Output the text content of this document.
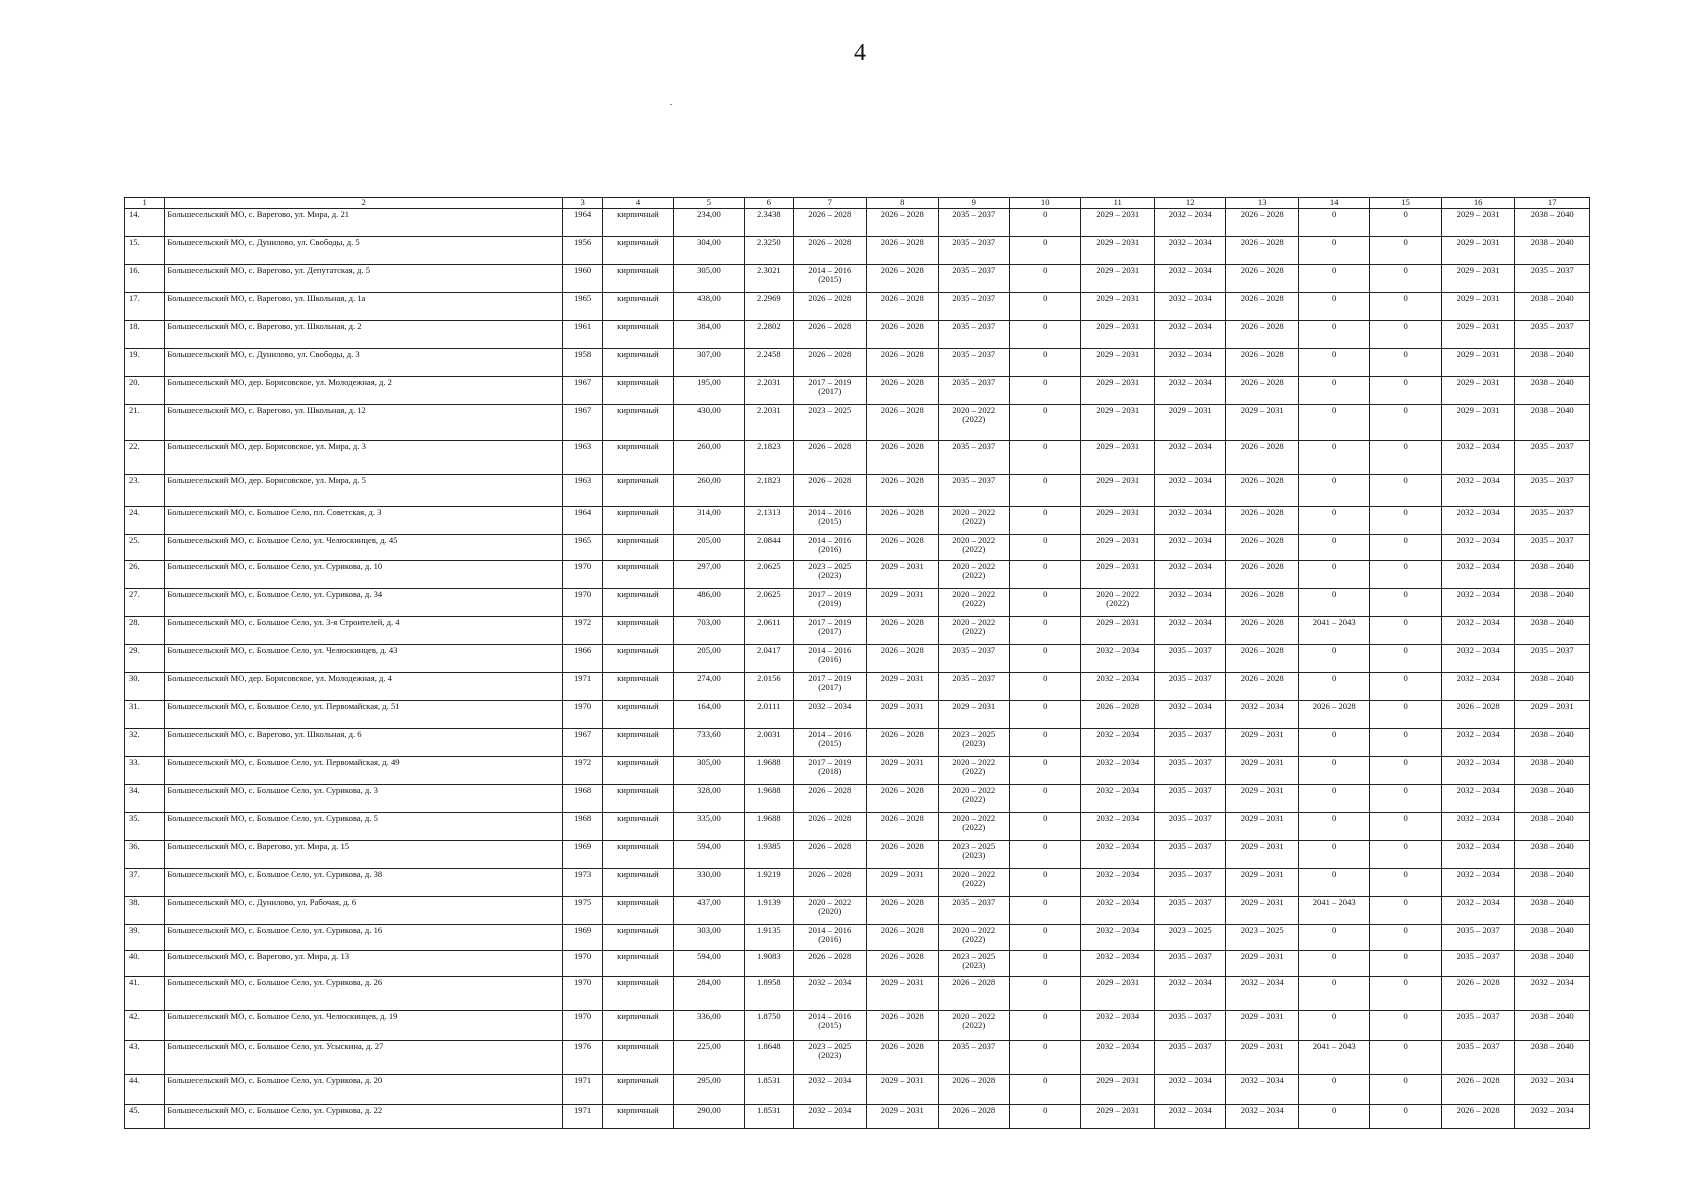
4
1	2	3	4	5	6	7	8	9	10	11	12	13	14	15	16	17
14.	Большесельский МО, с. Варегово, ул. Мира, д. 21	1964	кирпичный	234,00	2.3438	2026 – 2028	2026 – 2028	2035 – 2037	0	2029 – 2031	2032 – 2034	2026 – 2028	0	0	2029 – 2031	2038 – 2040
15.	Большесельский МО, с. Дунилово, ул. Свободы, д. 5	1956	кирпичный	304,00	2.3250	2026 – 2028	2026 – 2028	2035 – 2037	0	2029 – 2031	2032 – 2034	2026 – 2028	0	0	2029 – 2031	2038 – 2040
16.	Большесельский МО, с. Варегово, ул. Депутатская, д. 5	1960	кирпичный	305,00	2.3021	2014 – 2016
(2015)	2026 – 2028	2035 – 2037	0	2029 – 2031	2032 – 2034	2026 – 2028	0	0	2029 – 2031	2035 – 2037
17.	Большесельский МО, с. Варегово, ул. Школьная, д. 1а	1965	кирпичный	438,00	2.2969	2026 – 2028	2026 – 2028	2035 – 2037	0	2029 – 2031	2032 – 2034	2026 – 2028	0	0	2029 – 2031	2038 – 2040
18.	Большесельский МО, с. Варегово, ул. Школьная, д. 2	1961	кирпичный	384,00	2.2802	2026 – 2028	2026 – 2028	2035 – 2037	0	2029 – 2031	2032 – 2034	2026 – 2028	0	0	2029 – 2031	2035 – 2037
19.	Большесельский МО, с. Дунилово, ул. Свободы, д. 3	1958	кирпичный	307,00	2.2458	2026 – 2028	2026 – 2028	2035 – 2037	0	2029 – 2031	2032 – 2034	2026 – 2028	0	0	2029 – 2031	2038 – 2040
20.	Большесельский МО, дер. Борисовское, ул. Молодежная, д. 2	1967	кирпичный	195,00	2.2031	2017 – 2019
(2017)	2026 – 2028	2035 – 2037	0	2029 – 2031	2032 – 2034	2026 – 2028	0	0	2029 – 2031	2038 – 2040
21.	Большесельский МО, с. Варегово, ул. Школьная, д. 12	1967	кирпичный	430,00	2.2031	2023 – 2025	2026 – 2028	2020 – 2022
(2022)	0	2029 – 2031	2029 – 2031	2029 – 2031	0	0	2029 – 2031	2038 – 2040
22.	Большесельский МО, дер. Борисовское, ул. Мира, д. 3	1963	кирпичный	260,00	2.1823	2026 – 2028	2026 – 2028	2035 – 2037	0	2029 – 2031	2032 – 2034	2026 – 2028	0	0	2032 – 2034	2035 – 2037
23.	Большесельский МО, дер. Борисовское, ул. Мира, д. 5	1963	кирпичный	260,00	2.1823	2026 – 2028	2026 – 2028	2035 – 2037	0	2029 – 2031	2032 – 2034	2026 – 2028	0	0	2032 – 2034	2035 – 2037
24.	Большесельский МО, с. Большое Село, пл. Советская, д. 3	1964	кирпичный	314,00	2.1313	2014 – 2016
(2015)	2026 – 2028	2020 – 2022
(2022)	0	2029 – 2031	2032 – 2034	2026 – 2028	0	0	2032 – 2034	2035 – 2037
25.	Большесельский МО, с. Большое Село, ул. Челюскинцев, д. 45	1965	кирпичный	205,00	2.0844	2014 – 2016
(2016)	2026 – 2028	2020 – 2022
(2022)	0	2029 – 2031	2032 – 2034	2026 – 2028	0	0	2032 – 2034	2035 – 2037
26.	Большесельский МО, с. Большое Село, ул. Сурикова, д. 10	1970	кирпичный	297,00	2.0625	2023 – 2025
(2023)	2029 – 2031	2020 – 2022
(2022)	0	2029 – 2031	2032 – 2034	2026 – 2028	0	0	2032 – 2034	2038 – 2040
27.	Большесельский МО, с. Большое Село, ул. Сурикова, д. 34	1970	кирпичный	486,00	2.0625	2017 – 2019
(2019)	2029 – 2031	2020 – 2022
(2022)	0	2020 – 2022
(2022)	2032 – 2034	2026 – 2028	0	0	2032 – 2034	2038 – 2040
28.	Большесельский МО, с. Большое Село, ул. 3-я Строителей, д. 4	1972	кирпичный	703,00	2.0611	2017 – 2019
(2017)	2026 – 2028	2020 – 2022
(2022)	0	2029 – 2031	2032 – 2034	2026 – 2028	2041 – 2043	0	2032 – 2034	2038 – 2040
29.	Большесельский МО, с. Большое Село, ул. Челюскинцев, д. 43	1966	кирпичный	205,00	2.0417	2014 – 2016
(2016)	2026 – 2028	2035 – 2037	0	2032 – 2034	2035 – 2037	2026 – 2028	0	0	2032 – 2034	2035 – 2037
30.	Большесельский МО, дер. Борисовское, ул. Молодежная, д. 4	1971	кирпичный	274,00	2.0156	2017 – 2019
(2017)	2029 – 2031	2035 – 2037	0	2032 – 2034	2035 – 2037	2026 – 2028	0	0	2032 – 2034	2038 – 2040
31.	Большесельский МО, с. Большое Село, ул. Первомайская, д. 51	1970	кирпичный	164,00	2.0111	2032 – 2034	2029 – 2031	2029 – 2031	0	2026 – 2028	2032 – 2034	2032 – 2034	2026 – 2028	0	2026 – 2028	2029 – 2031
32.	Большесельский МО, с. Варегово, ул. Школьная, д. 6	1967	кирпичный	733,60	2.0031	2014 – 2016
(2015)	2026 – 2028	2023 – 2025
(2023)	0	2032 – 2034	2035 – 2037	2029 – 2031	0	0	2032 – 2034	2038 – 2040
33.	Большесельский МО, с. Большое Село, ул. Первомайская, д. 49	1972	кирпичный	305,00	1.9688	2017 – 2019
(2018)	2029 – 2031	2020 – 2022
(2022)	0	2032 – 2034	2035 – 2037	2029 – 2031	0	0	2032 – 2034	2038 – 2040
34.	Большесельский МО, с. Большое Село, ул. Сурикова, д. 3	1968	кирпичный	328,00	1.9688	2026 – 2028	2026 – 2028	2020 – 2022
(2022)	0	2032 – 2034	2035 – 2037	2029 – 2031	0	0	2032 – 2034	2038 – 2040
35.	Большесельский МО, с. Большое Село, ул. Сурикова, д. 5	1968	кирпичный	335,00	1.9688	2026 – 2028	2026 – 2028	2020 – 2022
(2022)	0	2032 – 2034	2035 – 2037	2029 – 2031	0	0	2032 – 2034	2038 – 2040
36.	Большесельский МО, с. Варегово, ул. Мира, д. 15	1969	кирпичный	594,00	1.9385	2026 – 2028	2026 – 2028	2023 – 2025
(2023)	0	2032 – 2034	2035 – 2037	2029 – 2031	0	0	2032 – 2034	2038 – 2040
37.	Большесельский МО, с. Большое Село, ул. Сурикова, д. 38	1973	кирпичный	330,00	1.9219	2026 – 2028	2029 – 2031	2020 – 2022
(2022)	0	2032 – 2034	2035 – 2037	2029 – 2031	0	0	2032 – 2034	2038 – 2040
38.	Большесельский МО, с. Дунилово, ул. Рабочая, д. 6	1975	кирпичный	437,00	1.9139	2020 – 2022
(2020)	2026 – 2028	2035 – 2037	0	2032 – 2034	2035 – 2037	2029 – 2031	2041 – 2043	0	2032 – 2034	2038 – 2040
39.	Большесельский МО, с. Большое Село, ул. Сурикова, д. 16	1969	кирпичный	303,00	1.9135	2014 – 2016
(2016)	2026 – 2028	2020 – 2022
(2022)	0	2032 – 2034	2023 – 2025	2023 – 2025	0	0	2035 – 2037	2038 – 2040
40.	Большесельский МО, с. Варегово, ул. Мира, д. 13	1970	кирпичный	594,00	1.9083	2026 – 2028	2026 – 2028	2023 – 2025
(2023)	0	2032 – 2034	2035 – 2037	2029 – 2031	0	0	2035 – 2037	2038 – 2040
41.	Большесельский МО, с. Большое Село, ул. Сурикова, д. 26	1970	кирпичный	284,00	1.8958	2032 – 2034	2029 – 2031	2026 – 2028	0	2029 – 2031	2032 – 2034	2032 – 2034	0	0	2026 – 2028	2032 – 2034
42.	Большесельский МО, с. Большое Село, ул. Челюскинцев, д. 19	1970	кирпичный	336,00	1.8750	2014 – 2016
(2015)	2026 – 2028	2020 – 2022
(2022)	0	2032 – 2034	2035 – 2037	2029 – 2031	0	0	2035 – 2037	2038 – 2040
43.	Большесельский МО, с. Большое Село, ул. Усыскина, д. 27	1976	кирпичный	225,00	1.8648	2023 – 2025
(2023)	2026 – 2028	2035 – 2037	0	2032 – 2034	2035 – 2037	2029 – 2031	2041 – 2043	0	2035 – 2037	2038 – 2040
44.	Большесельский МО, с. Большое Село, ул. Сурикова, д. 20	1971	кирпичный	295,00	1.8531	2032 – 2034	2029 – 2031	2026 – 2028	0	2029 – 2031	2032 – 2034	2032 – 2034	0	0	2026 – 2028	2032 – 2034
45.	Большесельский МО, с. Большое Село, ул. Сурикова, д. 22	1971	кирпичный	290,00	1.8531	2032 – 2034	2029 – 2031	2026 – 2028	0	2029 – 2031	2032 – 2034	2032 – 2034	0	0	2026 – 2028	2032 – 2034
